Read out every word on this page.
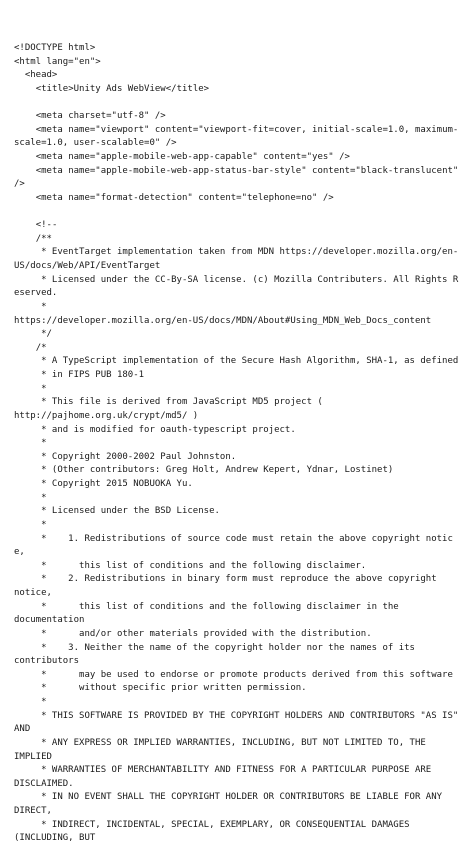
<!DOCTYPE html>
<html lang="en">
<head>
<title>Unity Ads WebView</title>

<meta charset="utf-8" />
<meta name="viewport" content="viewport-fit=cover, initial-scale=1.0, maximum-scale=1.0, user-scalable=0" />
<meta name="apple-mobile-web-app-capable" content="yes" />
<meta name="apple-mobile-web-app-status-bar-style" content="black-translucent" />
<meta name="format-detection" content="telephone=no" />

<!--
/**
* EventTarget implementation taken from MDN https://developer.mozilla.org/en-US/docs/Web/API/EventTarget
* Licensed under the CC-By-SA license. (c) Mozilla Contributers. All Rights Reserved.
*
https://developer.mozilla.org/en-US/docs/MDN/About#Using_MDN_Web_Docs_content
*/
/*
* A TypeScript implementation of the Secure Hash Algorithm, SHA-1, as defined
* in FIPS PUB 180-1
*
* This file is derived from JavaScript MD5 project (
http://pajhome.org.uk/crypt/md5/ )
* and is modified for oauth-typescript project.
*
* Copyright 2000-2002 Paul Johnston.
* (Other contributors: Greg Holt, Andrew Kepert, Ydnar, Lostinet)
* Copyright 2015 NOBUOKA Yu.
*
* Licensed under the BSD License.
*
*    1. Redistributions of source code must retain the above copyright notice,
*      this list of conditions and the following disclaimer.
*    2. Redistributions in binary form must reproduce the above copyright
notice,
*      this list of conditions and the following disclaimer in the
documentation
*      and/or other materials provided with the distribution.
*    3. Neither the name of the copyright holder nor the names of its
contributors
*      may be used to endorse or promote products derived from this software
*      without specific prior written permission.
*
* THIS SOFTWARE IS PROVIDED BY THE COPYRIGHT HOLDERS AND CONTRIBUTORS "AS IS"
AND
* ANY EXPRESS OR IMPLIED WARRANTIES, INCLUDING, BUT NOT LIMITED TO, THE
IMPLIED
* WARRANTIES OF MERCHANTABILITY AND FITNESS FOR A PARTICULAR PURPOSE ARE
DISCLAIMED.
* IN NO EVENT SHALL THE COPYRIGHT HOLDER OR CONTRIBUTORS BE LIABLE FOR ANY
DIRECT,
* INDIRECT, INCIDENTAL, SPECIAL, EXEMPLARY, OR CONSEQUENTIAL DAMAGES
(INCLUDING, BUT
